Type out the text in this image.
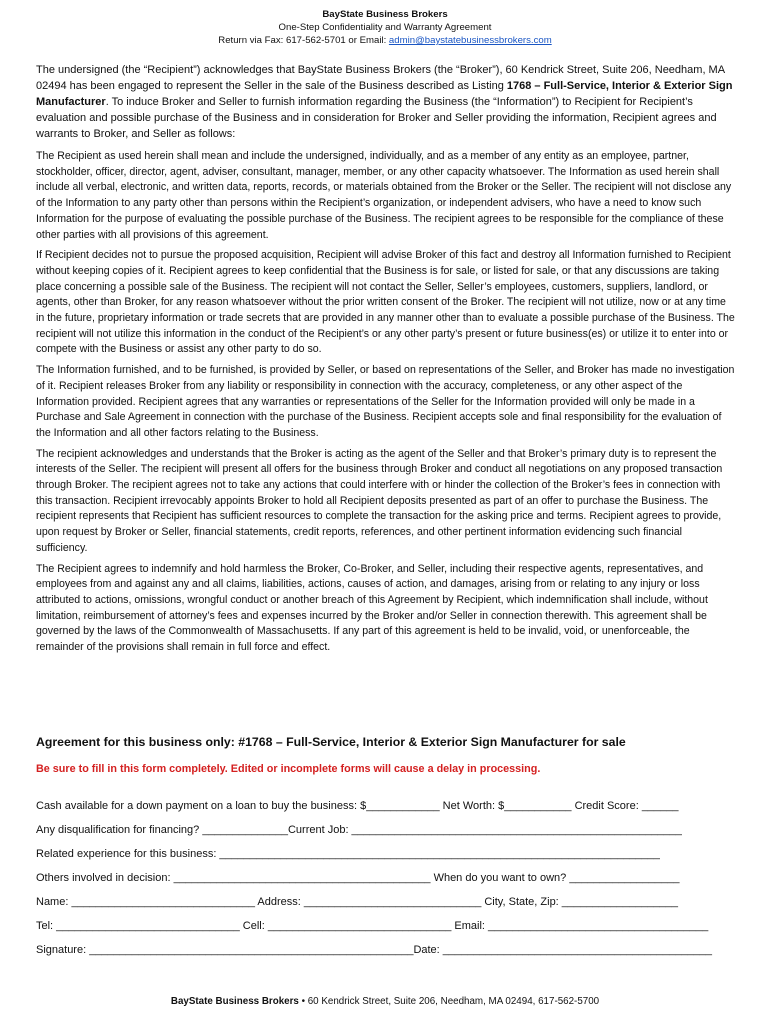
BayState Business Brokers
One-Step Confidentiality and Warranty Agreement
Return via Fax: 617-562-5701 or Email: admin@baystatebusinessbrokers.com

The undersigned (the “Recipient”) acknowledges that BayState Business Brokers (the “Broker”), 60 Kendrick Street, Suite 206, Needham, MA 02494 has been engaged to represent the Seller in the sale of the Business described as Listing 1768 – Full-Service, Interior & Exterior Sign Manufacturer. To induce Broker and Seller to furnish information regarding the Business (the “Information”) to Recipient for Recipient’s evaluation and possible purchase of the Business and in consideration for Broker and Seller providing the information, Recipient agrees and warrants to Broker, and Seller as follows:

The Recipient as used herein shall mean and include the undersigned, individually, and as a member of any entity as an employee, partner, stockholder, officer, director, agent, adviser, consultant, manager, member, or any other capacity whatsoever. The Information as used herein shall include all verbal, electronic, and written data, reports, records, or materials obtained from the Broker or the Seller. The recipient will not disclose any of the Information to any party other than persons within the Recipient’s organization, or independent advisers, who have a need to know such Information for the purpose of evaluating the possible purchase of the Business. The recipient agrees to be responsible for the compliance of these other parties with all provisions of this agreement.

If Recipient decides not to pursue the proposed acquisition, Recipient will advise Broker of this fact and destroy all Information furnished to Recipient without keeping copies of it. Recipient agrees to keep confidential that the Business is for sale, or listed for sale, or that any discussions are taking place concerning a possible sale of the Business. The recipient will not contact the Seller, Seller’s employees, customers, suppliers, landlord, or agents, other than Broker, for any reason whatsoever without the prior written consent of the Broker. The recipient will not utilize, now or at any time in the future, proprietary information or trade secrets that are provided in any manner other than to evaluate a possible purchase of the Business. The recipient will not utilize this information in the conduct of the Recipient’s or any other party’s present or future business(es) or utilize it to enter into or compete with the Business or assist any other party to do so.

The Information furnished, and to be furnished, is provided by Seller, or based on representations of the Seller, and Broker has made no investigation of it. Recipient releases Broker from any liability or responsibility in connection with the accuracy, completeness, or any other aspect of the Information provided. Recipient agrees that any warranties or representations of the Seller for the Information provided will only be made in a Purchase and Sale Agreement in connection with the purchase of the Business. Recipient accepts sole and final responsibility for the evaluation of the Information and all other factors relating to the Business.

The recipient acknowledges and understands that the Broker is acting as the agent of the Seller and that Broker’s primary duty is to represent the interests of the Seller. The recipient will present all offers for the business through Broker and conduct all negotiations on any proposed transaction through Broker. The recipient agrees not to take any actions that could interfere with or hinder the collection of the Broker’s fees in connection with this transaction. Recipient irrevocably appoints Broker to hold all Recipient deposits presented as part of an offer to purchase the Business. The recipient represents that Recipient has sufficient resources to complete the transaction for the asking price and terms. Recipient agrees to provide, upon request by Broker or Seller, financial statements, credit reports, references, and other pertinent information evidencing such financial sufficiency.

The Recipient agrees to indemnify and hold harmless the Broker, Co-Broker, and Seller, including their respective agents, representatives, and employees from and against any and all claims, liabilities, actions, causes of action, and damages, arising from or relating to any injury or loss attributed to actions, omissions, wrongful conduct or another breach of this Agreement by Recipient, which indemnification shall include, without limitation, reimbursement of attorney’s fees and expenses incurred by the Broker and/or Seller in connection therewith. This agreement shall be governed by the laws of the Commonwealth of Massachusetts. If any part of this agreement is held to be invalid, void, or unenforceable, the remainder of the provisions shall remain in full force and effect.

Agreement for this business only: #1768 – Full-Service, Interior & Exterior Sign Manufacturer for sale
Be sure to fill in this form completely. Edited or incomplete forms will cause a delay in processing.
Cash available for a down payment on a loan to buy the business: $____________ Net Worth: $___________ Credit Score: ______
Any disqualification for financing? ______________Current Job: ______________________________________________________
Related experience for this business: ________________________________________________________________________
Others involved in decision: __________________________________________ When do you want to own? __________________
Name: ______________________________ Address: _____________________________ City, State, Zip: ___________________
Tel: ______________________________ Cell: ______________________________ Email: ____________________________________
Signature: _____________________________________________________Date: ____________________________________________
BayState Business Brokers • 60 Kendrick Street, Suite 206, Needham, MA 02494, 617-562-5700
